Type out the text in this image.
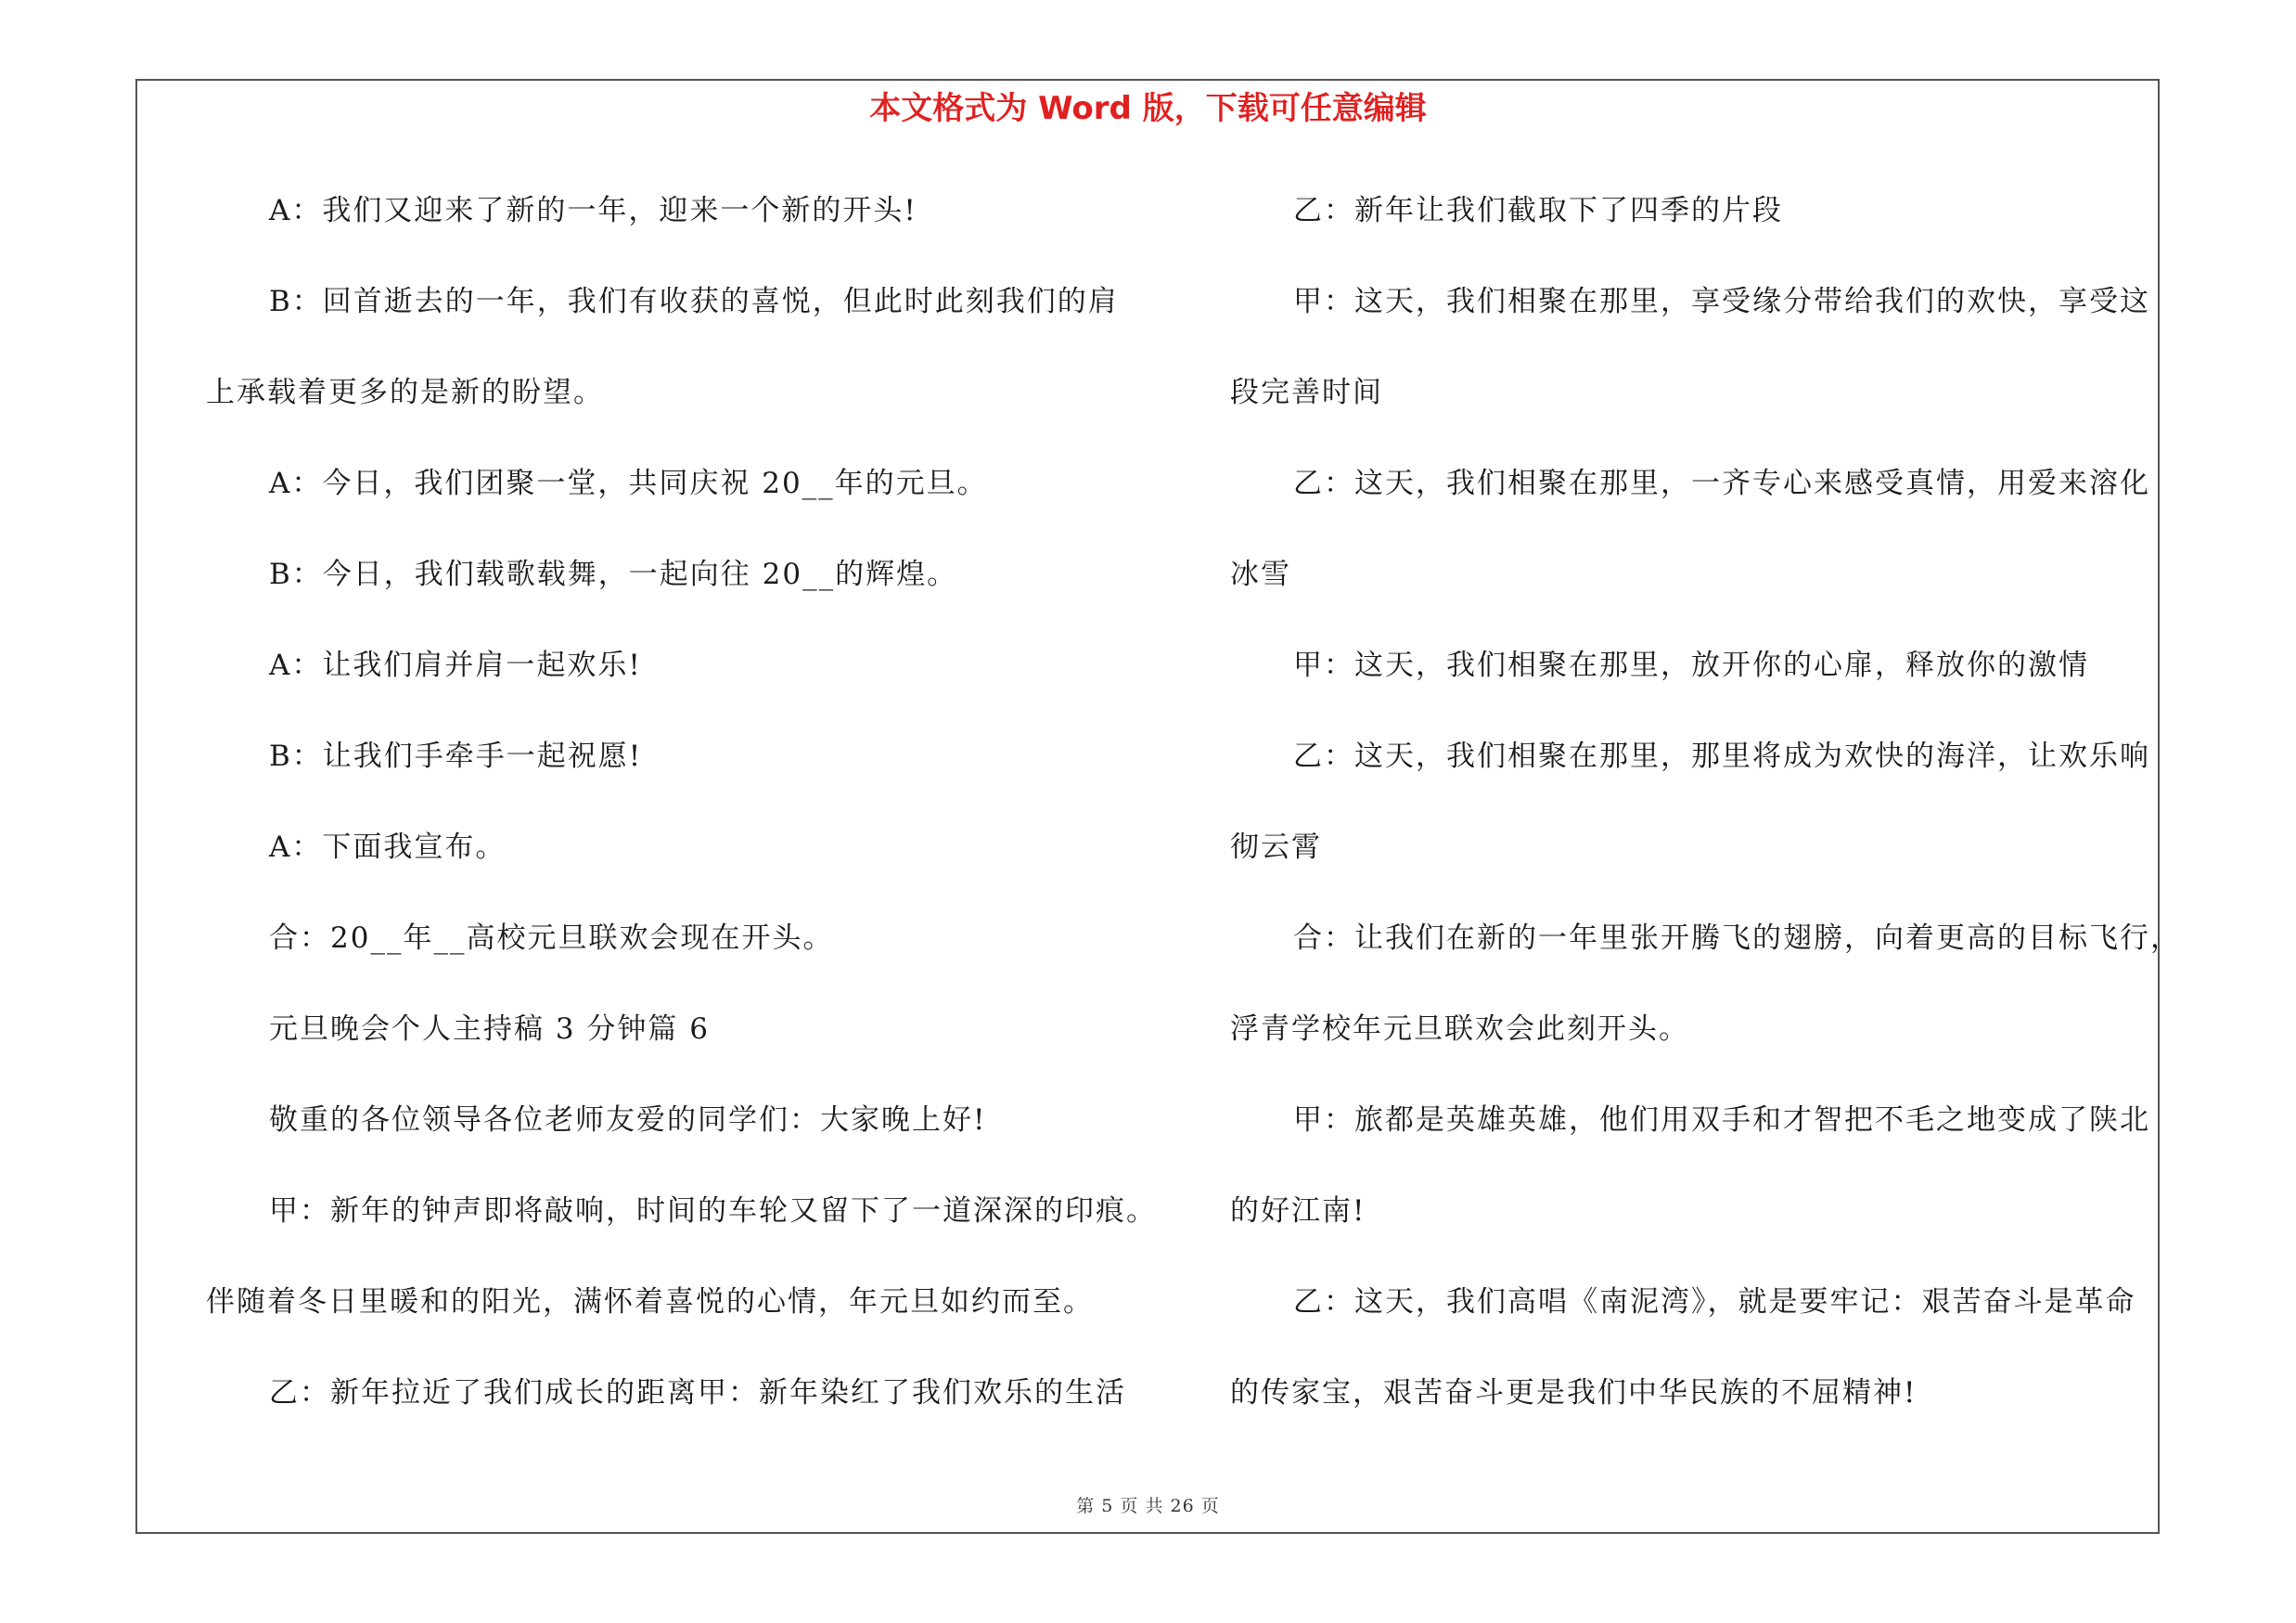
本文格式为 Word 版，下载可任意编辑
A：我们又迎来了新的一年，迎来一个新的开头!
B：回首逝去的一年，我们有收获的喜悦，但此时此刻我们的肩
上承载着更多的是新的盼望。
A：今日，我们团聚一堂，共同庆祝 20__年的元旦。
B：今日，我们载歌载舞，一起向往 20__的辉煌。
A：让我们肩并肩一起欢乐!
B：让我们手牵手一起祝愿!
A：下面我宣布。
合：20__年__高校元旦联欢会现在开头。
元旦晚会个人主持稿 3 分钟篇 6
敬重的各位领导各位老师友爱的同学们：大家晚上好!
甲：新年的钟声即将敲响，时间的车轮又留下了一道深深的印痕。
伴随着冬日里暖和的阳光，满怀着喜悦的心情，年元旦如约而至。
乙：新年拉近了我们成长的距离甲：新年染红了我们欢乐的生活
乙：新年让我们截取下了四季的片段
甲：这天，我们相聚在那里，享受缘分带给我们的欢快，享受这
段完善时间
乙：这天，我们相聚在那里，一齐专心来感受真情，用爱来溶化
冰雪
甲：这天，我们相聚在那里，放开你的心扉，释放你的激情
乙：这天，我们相聚在那里，那里将成为欢快的海洋，让欢乐响
彻云霄
合：让我们在新的一年里张开腾飞的翅膀，向着更高的目标飞行，
浮青学校年元旦联欢会此刻开头。
甲：旅都是英雄英雄，他们用双手和才智把不毛之地变成了陕北
的好江南!
乙：这天，我们高唱《南泥湾》，就是要牢记：艰苦奋斗是革命
的传家宝，艰苦奋斗更是我们中华民族的不屈精神!
第 5 页 共 26 页
